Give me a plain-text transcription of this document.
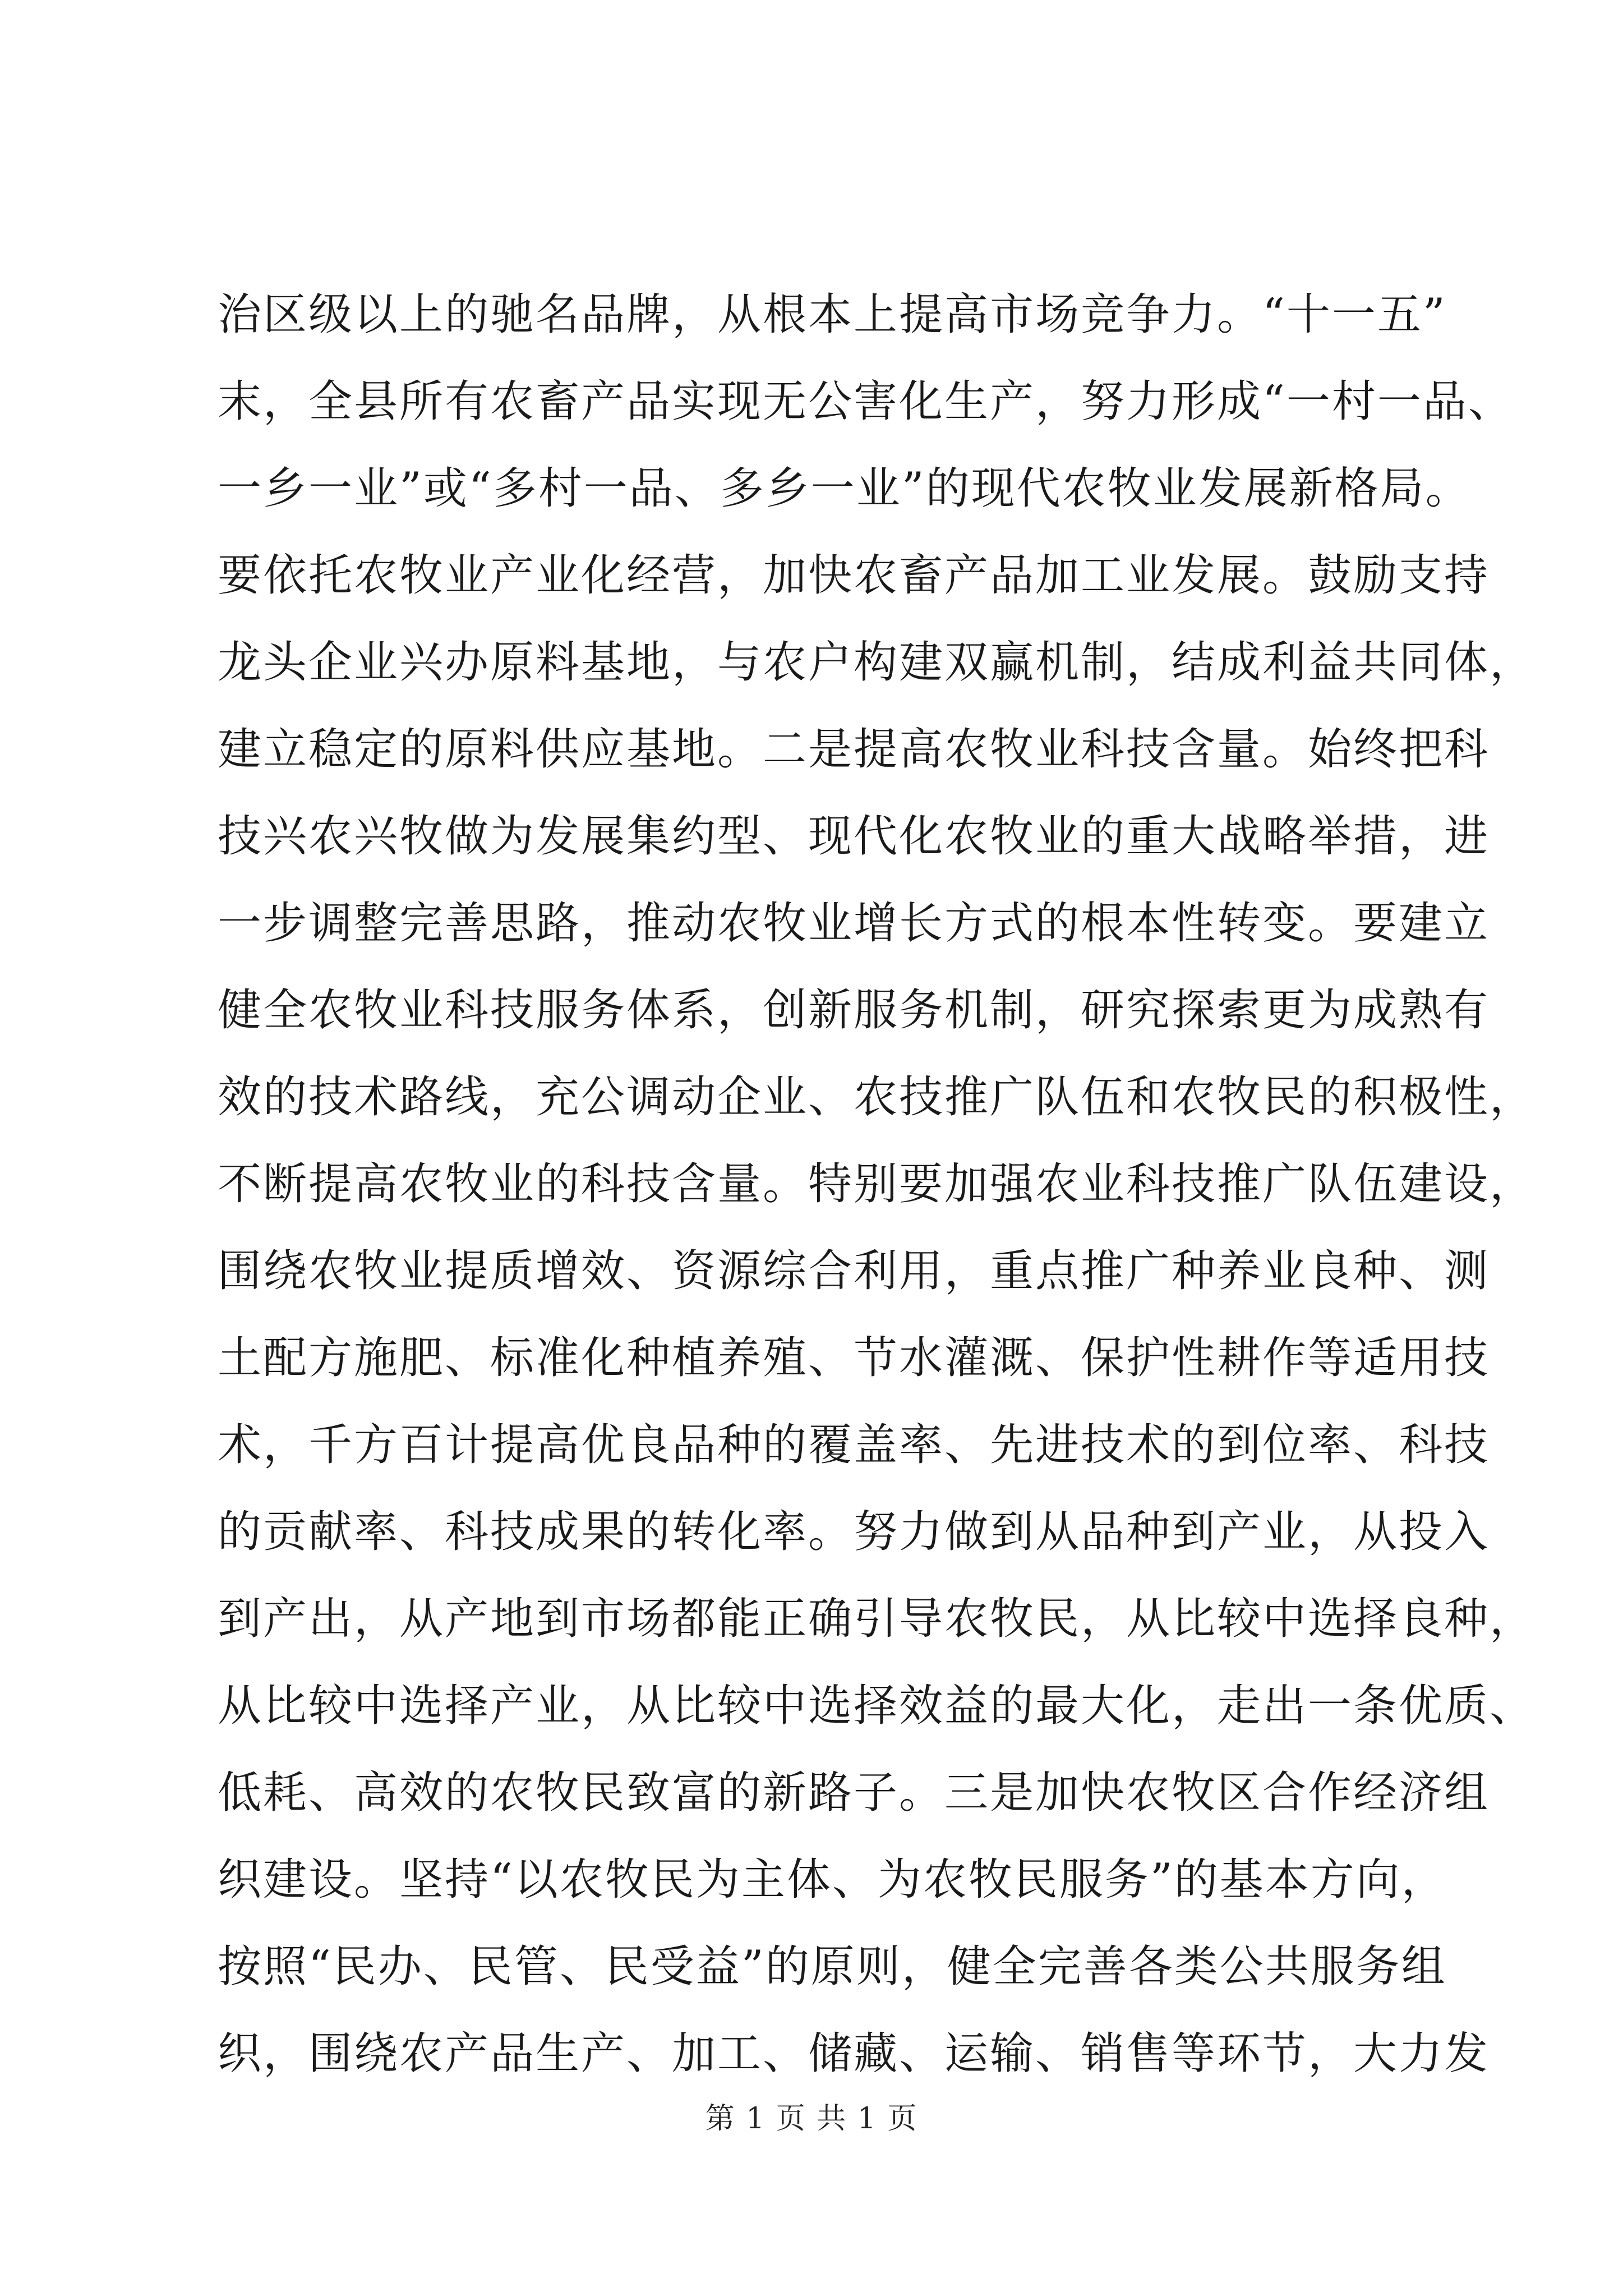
治区级以上的驰名品牌，从根本上提高市场竞争力。“十一五”
末，全县所有农畜产品实现无公害化生产，努力形成“一村一品、
一乡一业”或“多村一品、多乡一业”的现代农牧业发展新格局。
要依托农牧业产业化经营，加快农畜产品加工业发展。鼓励支持
龙头企业兴办原料基地，与农户构建双赢机制，结成利益共同体，
建立稳定的原料供应基地。二是提高农牧业科技含量。始终把科
技兴农兴牧做为发展集约型、现代化农牧业的重大战略举措，进
一步调整完善思路，推动农牧业增长方式的根本性转变。要建立
健全农牧业科技服务体系，创新服务机制，研究探索更为成熟有
效的技术路线，充公调动企业、农技推广队伍和农牧民的积极性，
不断提高农牧业的科技含量。特别要加强农业科技推广队伍建设，
围绕农牧业提质增效、资源综合利用，重点推广种养业良种、测
土配方施肥、标准化种植养殖、节水灌溉、保护性耕作等适用技
术，千方百计提高优良品种的覆盖率、先进技术的到位率、科技
的贡献率、科技成果的转化率。努力做到从品种到产业，从投入
到产出，从产地到市场都能正确引导农牧民，从比较中选择良种，
从比较中选择产业，从比较中选择效益的最大化，走出一条优质、
低耗、高效的农牧民致富的新路子。三是加快农牧区合作经济组
织建设。坚持“以农牧民为主体、为农牧民服务”的基本方向，
按照“民办、民管、民受益”的原则，健全完善各类公共服务组
织，围绕农产品生产、加工、储藏、运输、销售等环节，大力发
第 1 页 共 1 页
